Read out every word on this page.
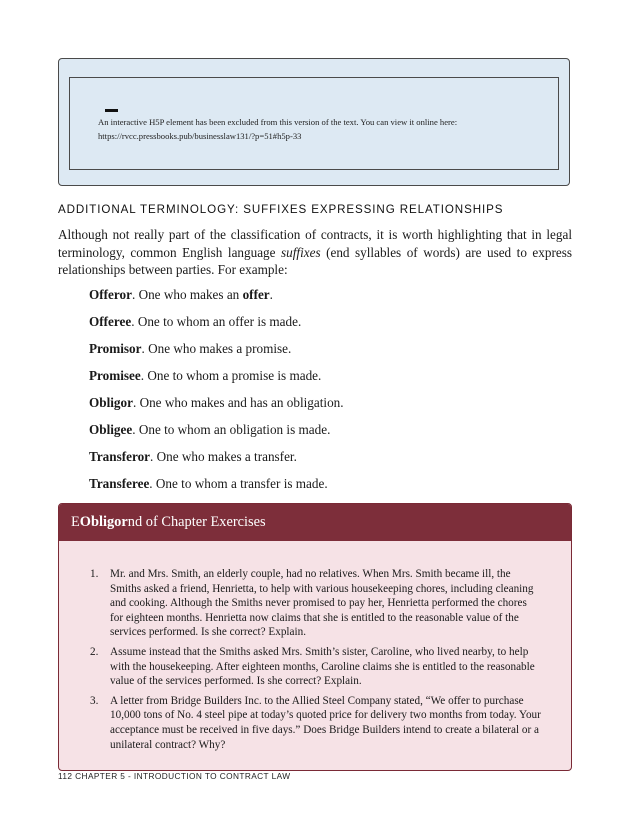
An interactive H5P element has been excluded from this version of the text. You can view it online here:
https://rvcc.pressbooks.pub/businesslaw131/?p=51#h5p-33
ADDITIONAL TERMINOLOGY: SUFFIXES EXPRESSING RELATIONSHIPS

Although not really part of the classification of contracts, it is worth highlighting that in legal terminology, common English language suffixes (end syllables of words) are used to express relationships between parties. For example:

Offeror. One who makes an offer.
Offeree. One to whom an offer is made.
Promisor. One who makes a promise.
Promisee. One to whom a promise is made.
Obligor. One who makes and has an obligation.
Obligee. One to whom an obligation is made.
Transferor. One who makes a transfer.
Transferee. One to whom a transfer is made.
EObligornd of Chapter Exercises
1. Mr. and Mrs. Smith, an elderly couple, had no relatives. When Mrs. Smith became ill, the Smiths asked a friend, Henrietta, to help with various housekeeping chores, including cleaning and cooking. Although the Smiths never promised to pay her, Henrietta performed the chores for eighteen months. Henrietta now claims that she is entitled to the reasonable value of the services performed. Is she correct? Explain.
2. Assume instead that the Smiths asked Mrs. Smith’s sister, Caroline, who lived nearby, to help with the housekeeping. After eighteen months, Caroline claims she is entitled to the reasonable value of the services performed. Is she correct? Explain.
3. A letter from Bridge Builders Inc. to the Allied Steel Company stated, “We offer to purchase 10,000 tons of No. 4 steel pipe at today’s quoted price for delivery two months from today. Your acceptance must be received in five days.” Does Bridge Builders intend to create a bilateral or a unilateral contract? Why?
112 CHAPTER 5 - INTRODUCTION TO CONTRACT LAW
